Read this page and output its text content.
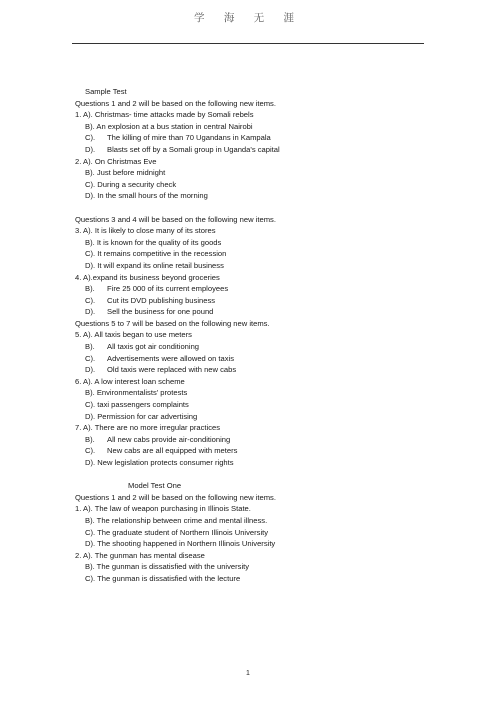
学 海 无 涯
Sample Test
Questions 1 and 2 will be based on the following new items.
1. A). Christmas- time attacks made by Somali rebels
B). An explosion at a bus station in central Nairobi
C). The killing of mire than 70 Ugandans in Kampala
D). Blasts set off by a Somali group in Uganda's capital
2. A). On Christmas Eve
B). Just before midnight
C). During a security check
D). In the small hours of the morning
Questions 3 and 4 will be based on the following new items.
3. A). It is likely to close many of its stores
B). It is known for the quality of its goods
C). It remains competitive in the recession
D). It will expand its online retail business
4. A).expand its business beyond groceries
B). Fire 25 000 of its current employees
C). Cut its DVD publishing business
D). Sell the business for one pound
Questions 5 to 7 will be based on the following new items.
5. A). All taxis began to use meters
B). All taxis got air conditioning
C). Advertisements were allowed on taxis
D). Old taxis were replaced with new cabs
6. A). A low interest loan scheme
B). Environmentalists' protests
C). taxi passengers complaints
D). Permission for car advertising
7. A). There are no more irregular practices
B). All new cabs provide air-conditioning
C). New cabs are all equipped with meters
D). New legislation protects consumer rights
Model Test One
Questions 1 and 2 will be based on the following new items.
1. A). The law of weapon purchasing in Illinois State.
B). The relationship between crime and mental illness.
C). The graduate student of Northern Illinois University
D). The shooting happened in Northern Illinois University
2. A). The gunman has mental disease
B). The gunman is dissatisfied with the university
C). The gunman is dissatisfied with the lecture
1
